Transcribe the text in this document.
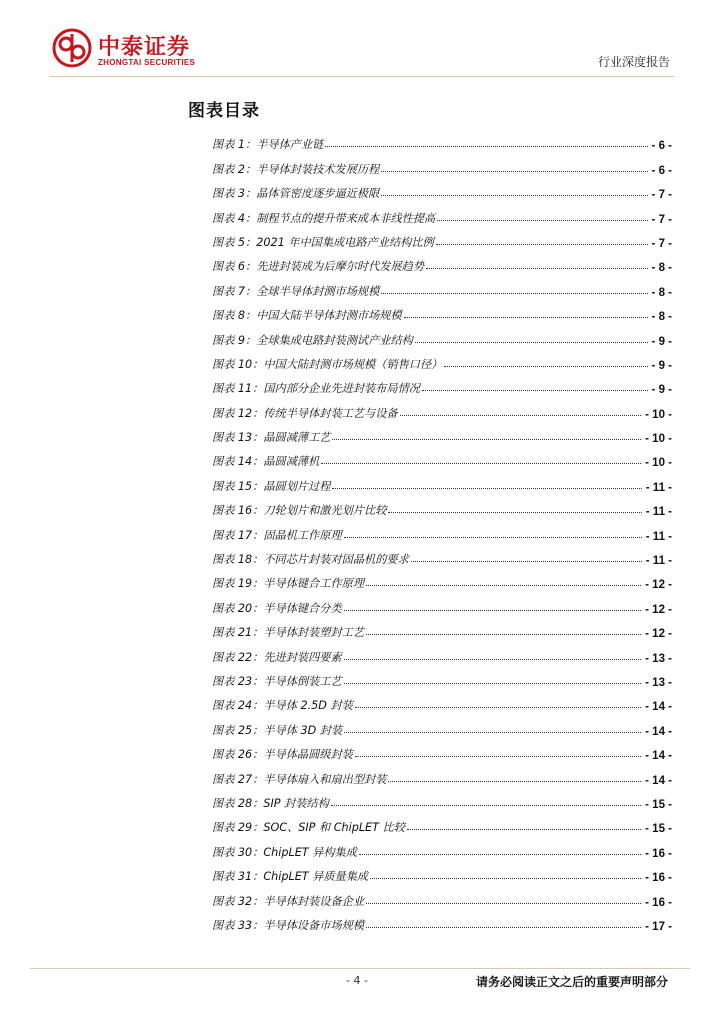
中泰证券
ZHONGTAI SECURITIES	行业深度报告
图表目录
图表 1：半导体产业链	- 6 -
图表 2：半导体封装技术发展历程	- 6 -
图表 3：晶体管密度逐步逼近极限	- 7 -
图表 4：制程节点的提升带来成本非线性提高	- 7 -
图表 5：2021 年中国集成电路产业结构比例	- 7 -
图表 6：先进封装成为后摩尔时代发展趋势	- 8 -
图表 7：全球半导体封测市场规模	- 8 -
图表 8：中国大陆半导体封测市场规模	- 8 -
图表 9：全球集成电路封装测试产业结构	- 9 -
图表 10：中国大陆封测市场规模（销售口径）	- 9 -
图表 11：国内部分企业先进封装布局情况	- 9 -
图表 12：传统半导体封装工艺与设备	- 10 -
图表 13：晶圆减薄工艺	- 10 -
图表 14：晶圆减薄机	- 10 -
图表 15：晶圆划片过程	- 11 -
图表 16：刀轮划片和激光划片比较	- 11 -
图表 17：固晶机工作原理	- 11 -
图表 18：不同芯片封装对固晶机的要求	- 11 -
图表 19：半导体键合工作原理	- 12 -
图表 20：半导体键合分类	- 12 -
图表 21：半导体封装塑封工艺	- 12 -
图表 22：先进封装四要素	- 13 -
图表 23：半导体倒装工艺	- 13 -
图表 24：半导体 2.5D 封装	- 14 -
图表 25：半导体 3D 封装	- 14 -
图表 26：半导体晶圆级封装	- 14 -
图表 27：半导体扇入和扇出型封装	- 14 -
图表 28：SIP 封装结构	- 15 -
图表 29：SOC、SIP 和 ChipLET 比较	- 15 -
图表 30：ChipLET 异构集成	- 16 -
图表 31：ChipLET 异质量集成	- 16 -
图表 32：半导体封装设备企业	- 16 -
图表 33：半导体设备市场规模	- 17 -
- 4 -	请务必阅读正文之后的重要声明部分
